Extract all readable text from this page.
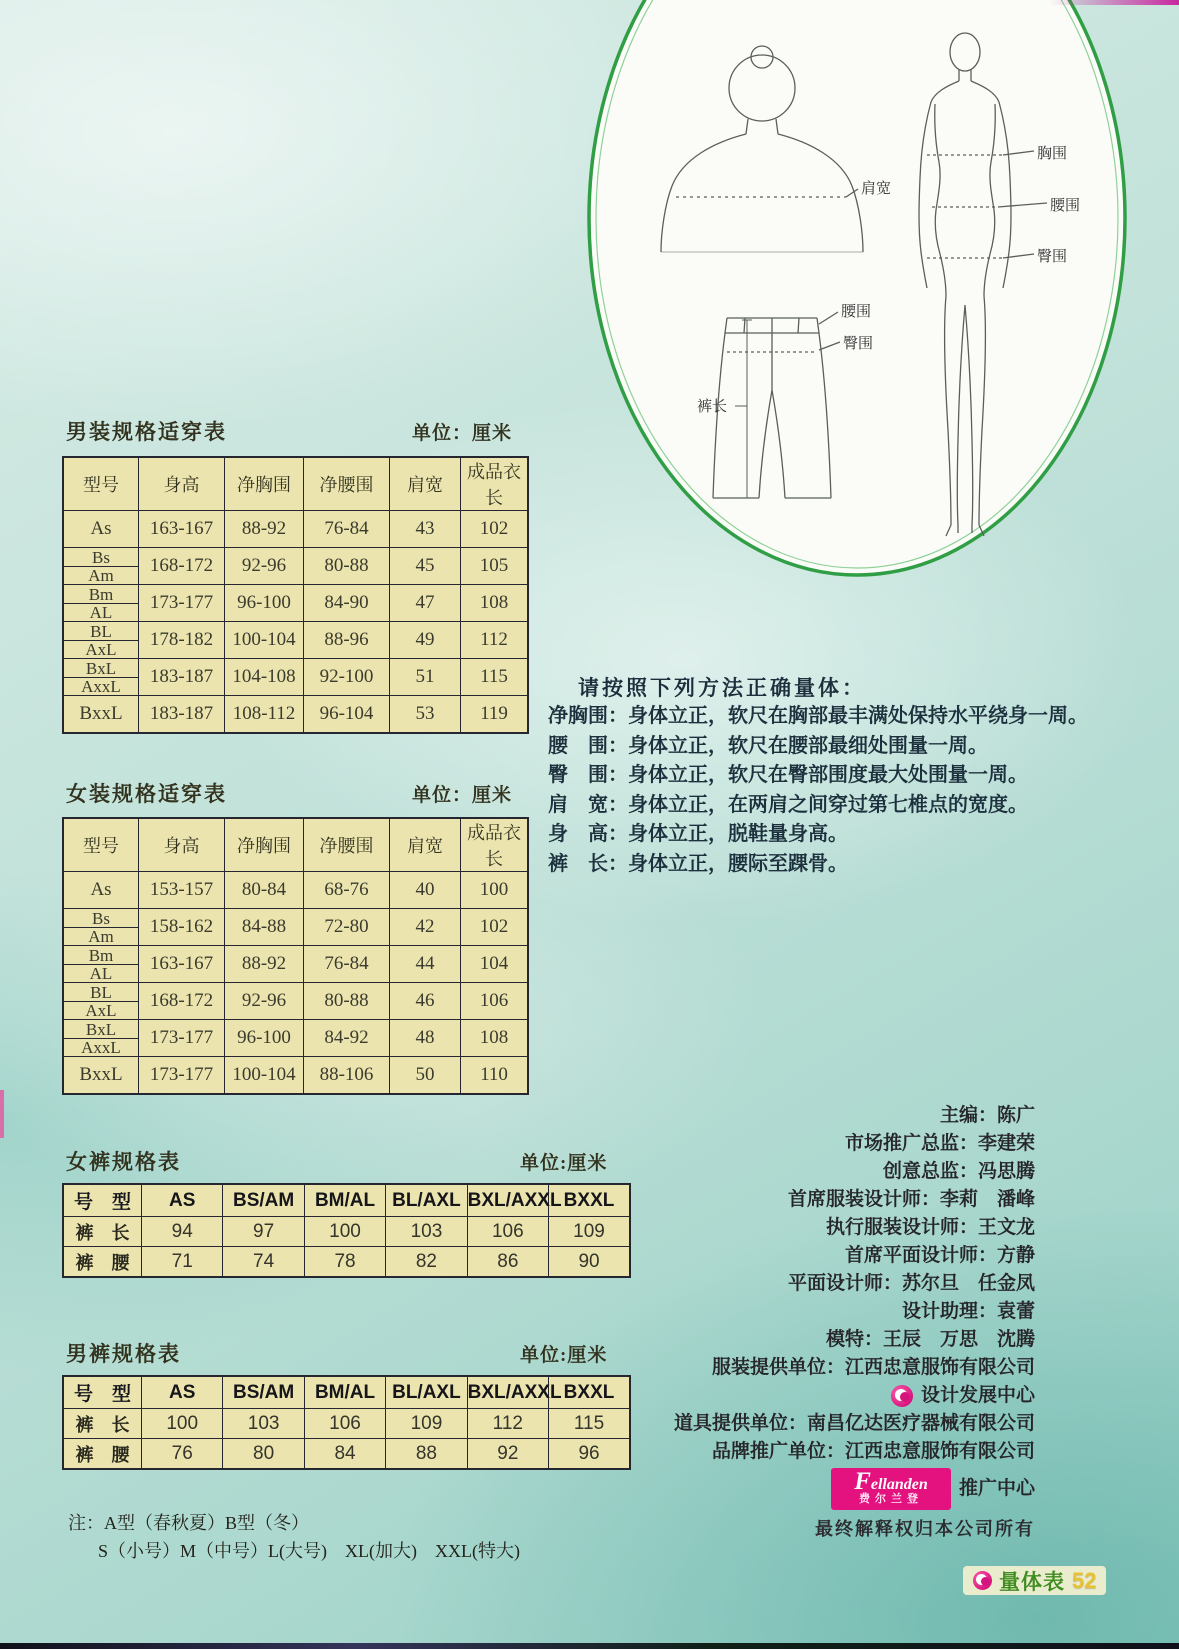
肩宽
胸围
腰围
臀围
腰围
臀围
裤长
男装规格适穿表	单位：厘米
型号	身高	净胸围	净腰围	肩宽	成品衣长
As	163-167	88-92	76-84	43	102

Bs
Am	168-172	92-96	80-88	45	105

Bm
AL	173-177	96-100	84-90	47	108

BL
AxL	178-182	100-104	88-96	49	112

BxL
AxxL	183-187	104-108	92-100	51	115
BxxL	183-187	108-112	96-104	53	119
女装规格适穿表	单位：厘米
型号	身高	净胸围	净腰围	肩宽	成品衣长
As	153-157	80-84	68-76	40	100

Bs
Am	158-162	84-88	72-80	42	102

Bm
AL	163-167	88-92	76-84	44	104

BL
AxL	168-172	92-96	80-88	46	106

BxL
AxxL	173-177	96-100	84-92	48	108
BxxL	173-177	100-104	88-106	50	110
请按照下列方法正确量体：
净胸围：身体立正，软尺在胸部最丰满处保持水平绕身一周。
腰　围：身体立正，软尺在腰部最细处围量一周。
臀　围：身体立正，软尺在臀部围度最大处围量一周。
肩　宽：身体立正，在两肩之间穿过第七椎点的宽度。
身　高：身体立正，脱鞋量身高。
裤　长：身体立正，腰际至踝骨。
女裤规格表	单位:厘米
号　型	AS	BS/AM	BM/AL	BL/AXL	BXL/AXXL	BXXL
裤　长	94	97	100	103	106	109
裤　腰	71	74	78	82	86	90
男裤规格表	单位:厘米
号　型	AS	BS/AM	BM/AL	BL/AXL	BXL/AXXL	BXXL
裤　长	100	103	106	109	112	115
裤　腰	76	80	84	88	92	96
主编：陈广
市场推广总监：李建荣
创意总监：冯思腾
首席服装设计师：李莉　潘峰
执行服装设计师：王文龙
首席平面设计师：方静
平面设计师：苏尔旦　任金凤
设计助理：袁蕾
模特：王辰　万思　沈腾
服装提供单位：江西忠意服饰有限公司
设计发展中心
道具提供单位：南昌亿达医疗器械有限公司
品牌推广单位：江西忠意服饰有限公司
Fellanden
费尔兰登 推广中心
最终解释权归本公司所有
注：A型（春秋夏）B型（冬）
S（小号）M（中号）L(大号)　XL(加大)　XXL(特大)
量体表 52
